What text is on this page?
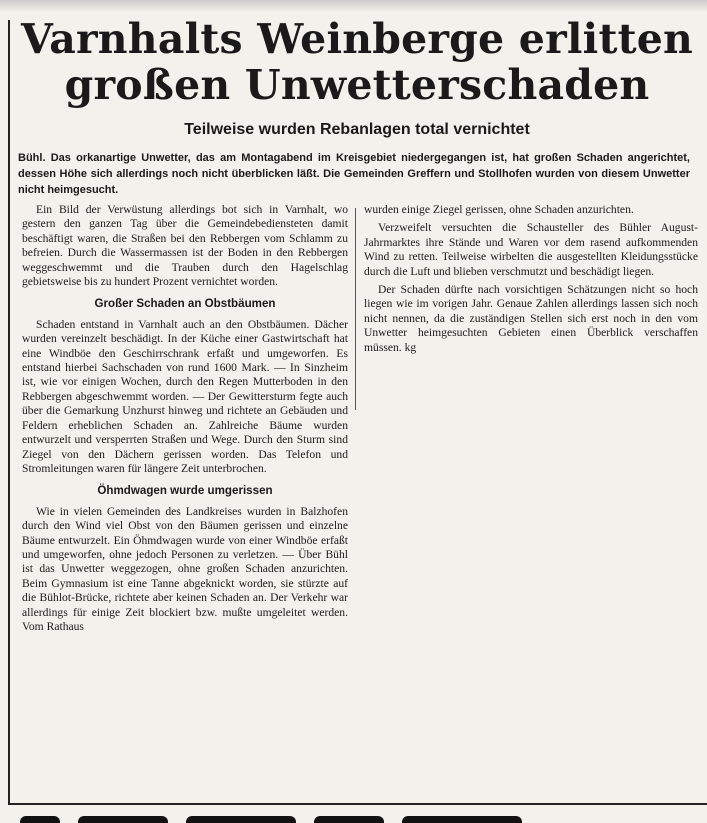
Varnhalts Weinberge erlitten
großen Unwetterschaden
Teilweise wurden Rebanlagen total vernichtet

Bühl. Das orkanartige Unwetter, das am Montagabend im Kreisgebiet niedergegangen ist, hat großen Schaden angerichtet, dessen Höhe sich allerdings noch nicht überblicken läßt. Die Gemeinden Greffern und Stollhofen wurden von diesem Unwetter nicht heimgesucht.

Ein Bild der Verwüstung allerdings bot sich in Varnhalt, wo gestern den ganzen Tag über die Gemeindebediensteten damit beschäftigt waren, die Straßen bei den Rebbergen vom Schlamm zu befreien. Durch die Wassermassen ist der Boden in den Rebbergen weggeschwemmt und die Trauben durch den Hagelschlag gebietsweise bis zu hundert Prozent vernichtet worden.

Großer Schaden an Obstbäumen

Schaden entstand in Varnhalt auch an den Obstbäumen. Dächer wurden vereinzelt beschädigt. In der Küche einer Gastwirtschaft hat eine Windböe den Geschirrschrank erfaßt und umgeworfen. Es entstand hierbei Sachschaden von rund 1600 Mark. — In Sinzheim ist, wie vor einigen Wochen, durch den Regen Mutterboden in den Rebbergen abgeschwemmt worden. — Der Gewittersturm fegte auch über die Gemarkung Unzhurst hinweg und richtete an Gebäuden und Feldern erheblichen Schaden an. Zahlreiche Bäume wurden entwurzelt und versperrten Straßen und Wege. Durch den Sturm sind Ziegel von den Dächern gerissen worden. Das Telefon und Stromleitungen waren für längere Zeit unterbrochen.

Öhmdwagen wurde umgerissen

Wie in vielen Gemeinden des Landkreises wurden in Balzhofen durch den Wind viel Obst von den Bäumen gerissen und einzelne Bäume entwurzelt. Ein Öhmdwagen wurde von einer Windböe erfaßt und umgeworfen, ohne jedoch Personen zu verletzen. — Über Bühl ist das Unwetter weggezogen, ohne großen Schaden anzurichten. Beim Gymnasium ist eine Tanne abgeknickt worden, sie stürzte auf die Bühlot-Brücke, richtete aber keinen Schaden an. Der Verkehr war allerdings für einige Zeit blockiert bzw. mußte umgeleitet werden. Vom Rathaus

wurden einige Ziegel gerissen, ohne Schaden anzurichten.

Verzweifelt versuchten die Schausteller des Bühler August-Jahrmarktes ihre Stände und Waren vor dem rasend aufkommenden Wind zu retten. Teilweise wirbelten die ausgestellten Kleidungsstücke durch die Luft und blieben verschmutzt und beschädigt liegen.

Der Schaden dürfte nach vorsichtigen Schätzungen nicht so hoch liegen wie im vorigen Jahr. Genaue Zahlen allerdings lassen sich noch nicht nennen, da die zuständigen Stellen sich erst noch in den vom Unwetter heimgesuchten Gebieten einen Überblick verschaffen müssen. kg
